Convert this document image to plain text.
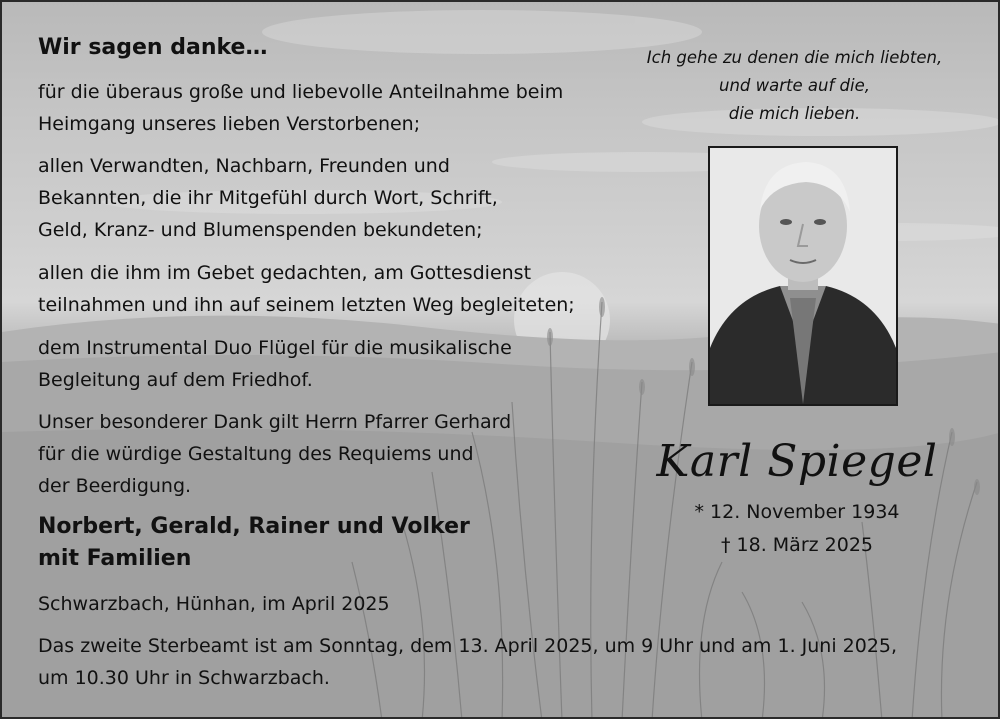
Wir sagen danke…
für die überaus große und liebevolle Anteilnahme beim
Heimgang unseres lieben Verstorbenen;
allen Verwandten, Nachbarn, Freunden und
Bekannten, die ihr Mitgefühl durch Wort, Schrift,
Geld, Kranz- und Blumenspenden bekundeten;
allen die ihm im Gebet gedachten, am Gottesdienst
teilnahmen und ihn auf seinem letzten Weg begleiteten;
dem Instrumental Duo Flügel für die musikalische
Begleitung auf dem Friedhof.
Unser besonderer Dank gilt Herrn Pfarrer Gerhard
für die würdige Gestaltung des Requiems und
der Beerdigung.
Norbert, Gerald, Rainer und Volker
mit Familien
Schwarzbach, Hünhan, im April 2025
Das zweite Sterbeamt ist am Sonntag, dem 13. April 2025, um 9 Uhr und am 1. Juni 2025,
um 10.30 Uhr in Schwarzbach.
Ich gehe zu denen die mich liebten,
und warte auf die,
die mich lieben.
Karl Spiegel
* 12. November 1934
† 18. März 2025
